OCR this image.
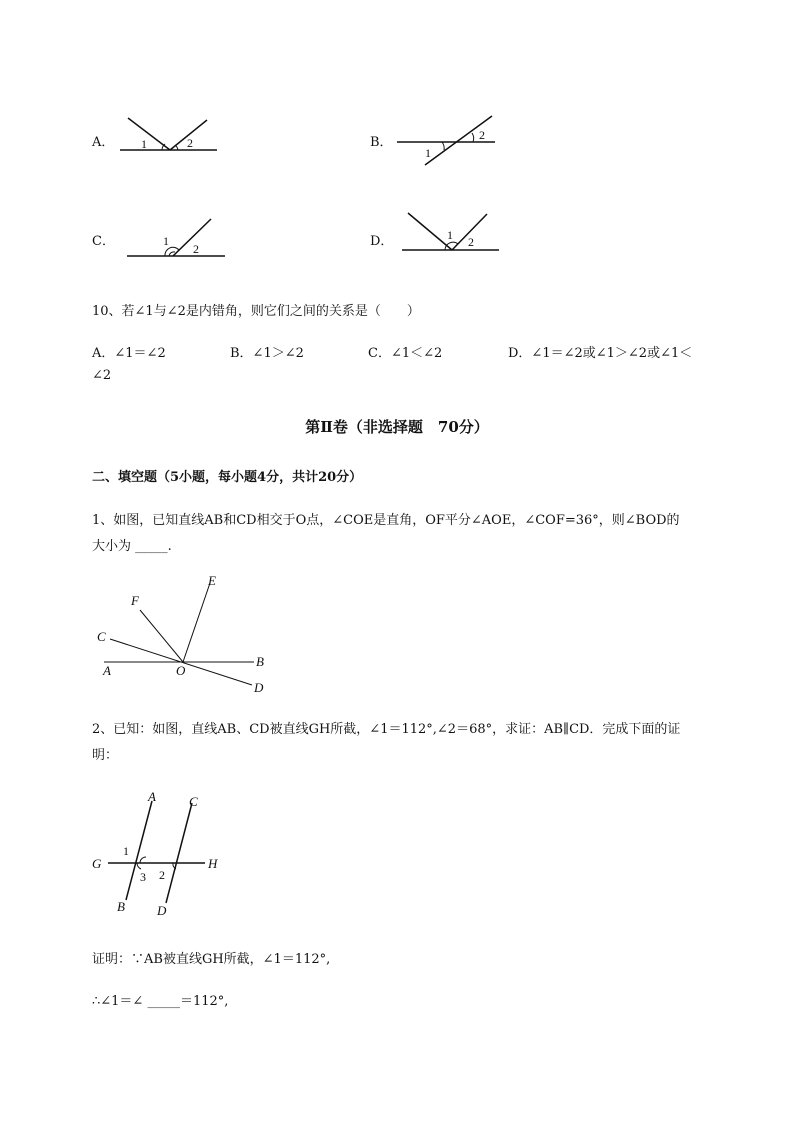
A． 1	2	B．	2
1
C．	1
2	D．	1 2
10、若∠1与∠2是内错角，则它们之间的关系是（　　）
A．∠1＝∠2	B．∠1＞∠2	C．∠1＜∠2	D．∠1＝∠2或∠1＞∠2或∠1＜
∠2
第Ⅱ卷（非选择题　70分）
二、填空题（5小题，每小题4分，共计20分）
1、如图，已知直线AB和CD相交于O点，∠COE是直角，OF平分∠AOE，∠COF=36°，则∠BOD的
大小为 _____.
E
F
C
A	O
B
D
2、已知：如图，直线AB、CD被直线GH所截，∠1＝112°,∠2＝68°，求证：AB∥CD．完成下面的证
明：
A	C
G	H
B D
1
3 2
证明：∵AB被直线GH所截，∠1＝112°,
∴∠1＝∠ _____＝112°,
